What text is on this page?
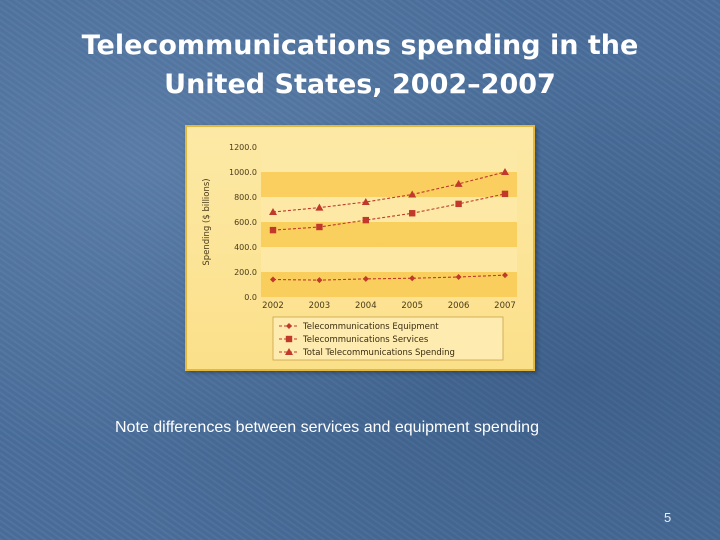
Telecommunications spending in the
United States, 2002–2007
0.0
200.0
400.0
600.0
800.0
1000.0
1200.0
Spending ($ billions)
2002	2003	2004	2005	2006	2007
Telecommunications Equipment
Telecommunications Services
Total Telecommunications Spending

Note differences between services and equipment spending

5
